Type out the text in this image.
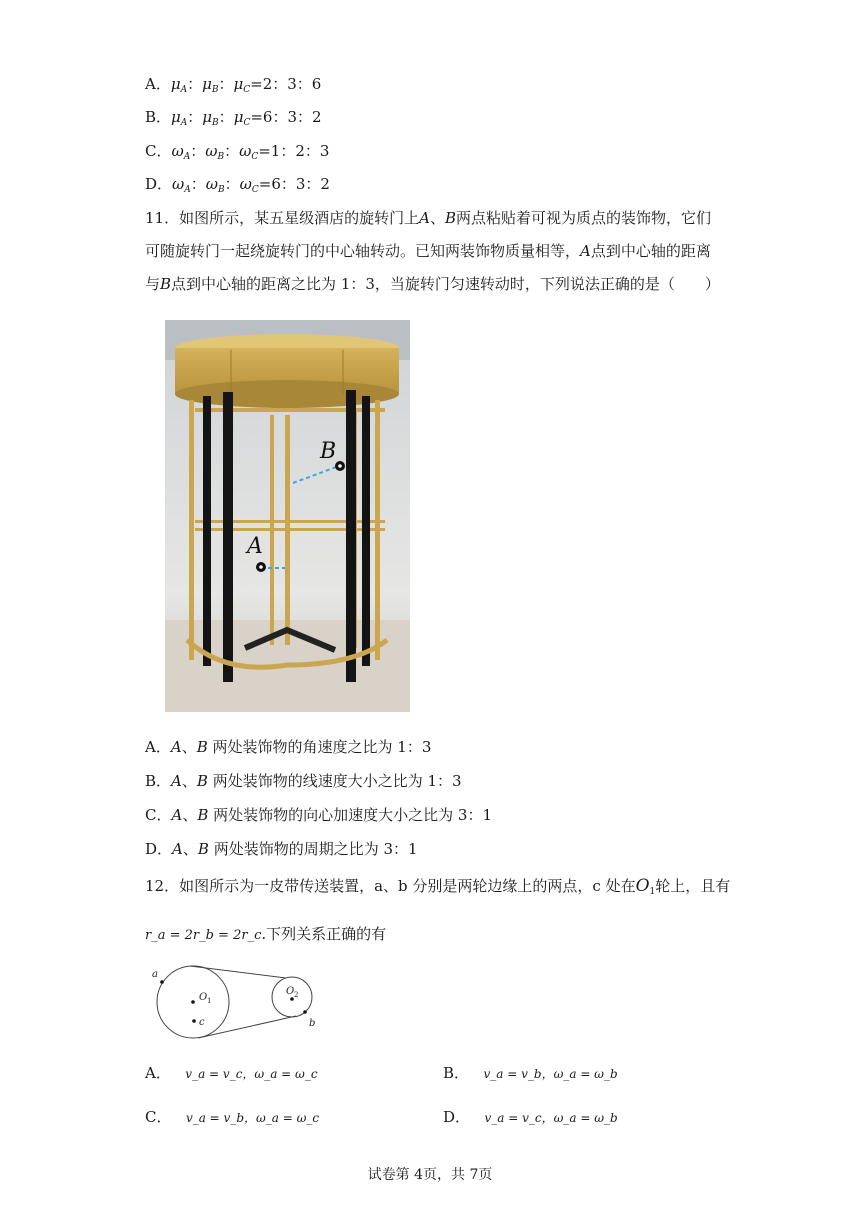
A．$\mu_A$：$\mu_B$：$\mu_C=2$：3：6
B．$\mu_A$：$\mu_B$：$\mu_C=6$：3：2
C．$\omega_A$：$\omega_B$：$\omega_C=1$：2：3
D．$\omega_A$：$\omega_B$：$\omega_C=6$：3：2
11．如图所示，某五星级酒店的旋转门上A、B两点粘贴着可视为质点的装饰物，它们
可随旋转门一起绕旋转门的中心轴转动。已知两装饰物质量相等，A点到中心轴的距离
与B点到中心轴的距离之比为 1：3，当旋转门匀速转动时，下列说法正确的是（　　）
A
B
A．A、B 两处装饰物的角速度之比为 1：3
B．A、B 两处装饰物的线速度大小之比为 1：3
C．A、B 两处装饰物的向心加速度大小之比为 3：1
D．A、B 两处装饰物的周期之比为 3：1
12．如图所示为一皮带传送装置，a、b 分别是两轮边缘上的两点，c 处在$O_1$轮上，且有
r_a = 2r_b = 2r_c.下列关系正确的有
a
O 1
c
O 2
b
A． v_a = v_c，ω_a = ω_c	B． v_a = v_b，ω_a = ω_b
C． v_a = v_b，ω_a = ω_c	D． v_a = v_c，ω_a = ω_b
试卷第 4页，共 7页
